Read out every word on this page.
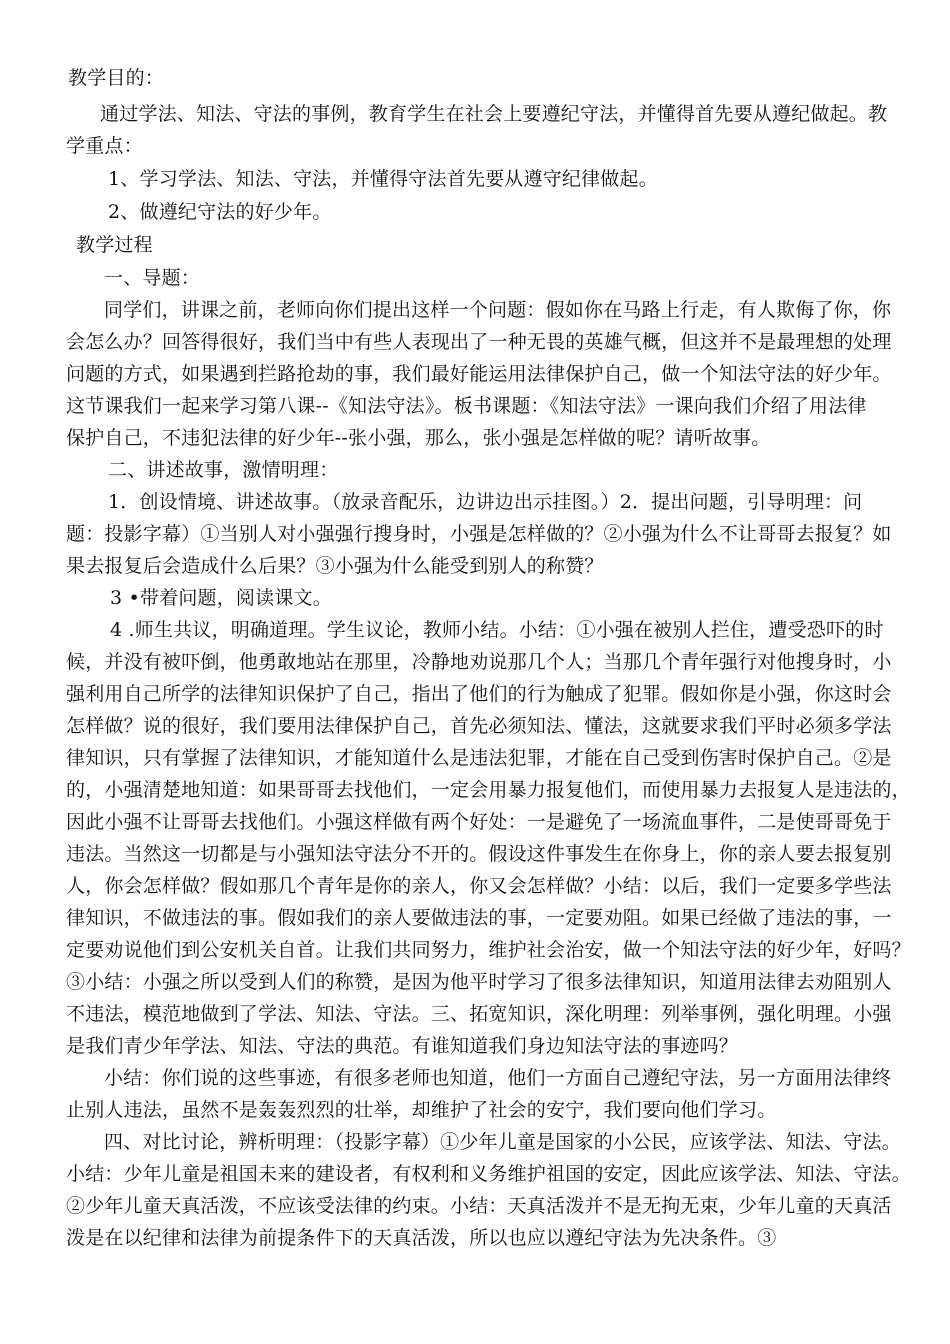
教学目的：
通过学法、知法、守法的事例，教育学生在社会上要遵纪守法，并懂得首先要从遵纪做起。教
学重点：
1、学习学法、知法、守法，并懂得守法首先要从遵守纪律做起。
2、做遵纪守法的好少年。
教学过程
一、导题：
同学们，讲课之前，老师向你们提出这样一个问题：假如你在马路上行走，有人欺侮了你，你
会怎么办？回答得很好，我们当中有些人表现出了一种无畏的英雄气概，但这并不是最理想的处理
问题的方式，如果遇到拦路抢劫的事，我们最好能运用法律保护自己，做一个知法守法的好少年。
这节课我们一起来学习第八课--《知法守法》。板书课题：《知法守法》一课向我们介绍了用法律
保护自己，不违犯法律的好少年--张小强，那么，张小强是怎样做的呢？请听故事。
二、讲述故事，激情明理：
1．创设情境、讲述故事。（放录音配乐，边讲边出示挂图。）2．提出问题，引导明理：问
题：投影字幕）①当别人对小强强行搜身时，小强是怎样做的？②小强为什么不让哥哥去报复？如
果去报复后会造成什么后果？③小强为什么能受到别人的称赞？
3 •带着问题，阅读课文。
4 .师生共议，明确道理。学生议论，教师小结。小结：①小强在被别人拦住，遭受恐吓的时
候，并没有被吓倒，他勇敢地站在那里，冷静地劝说那几个人；当那几个青年强行对他搜身时，小
强利用自己所学的法律知识保护了自己，指出了他们的行为触成了犯罪。假如你是小强，你这时会
怎样做？说的很好，我们要用法律保护自己，首先必须知法、懂法，这就要求我们平时必须多学法
律知识，只有掌握了法律知识，才能知道什么是违法犯罪，才能在自己受到伤害时保护自己。②是
的，小强清楚地知道：如果哥哥去找他们，一定会用暴力报复他们，而使用暴力去报复人是违法的，
因此小强不让哥哥去找他们。小强这样做有两个好处：一是避免了一场流血事件，二是使哥哥免于
违法。当然这一切都是与小强知法守法分不开的。假设这件事发生在你身上，你的亲人要去报复别
人，你会怎样做？假如那几个青年是你的亲人，你又会怎样做？小结：以后，我们一定要多学些法
律知识，不做违法的事。假如我们的亲人要做违法的事，一定要劝阻。如果已经做了违法的事，一
定要劝说他们到公安机关自首。让我们共同努力，维护社会治安，做一个知法守法的好少年，好吗？
③小结：小强之所以受到人们的称赞，是因为他平时学习了很多法律知识，知道用法律去劝阻别人
不违法，模范地做到了学法、知法、守法。三、拓宽知识，深化明理：列举事例，强化明理。小强
是我们青少年学法、知法、守法的典范。有谁知道我们身边知法守法的事迹吗？
小结：你们说的这些事迹，有很多老师也知道，他们一方面自己遵纪守法，另一方面用法律终
止别人违法，虽然不是轰轰烈烈的壮举，却维护了社会的安宁，我们要向他们学习。
四、对比讨论，辨析明理：（投影字幕）①少年儿童是国家的小公民，应该学法、知法、守法。
小结：少年儿童是祖国未来的建设者，有权利和义务维护祖国的安定，因此应该学法、知法、守法。
②少年儿童天真活泼，不应该受法律的约束。小结：天真活泼并不是无拘无束，少年儿童的天真活
泼是在以纪律和法律为前提条件下的天真活泼，所以也应以遵纪守法为先决条件。③
